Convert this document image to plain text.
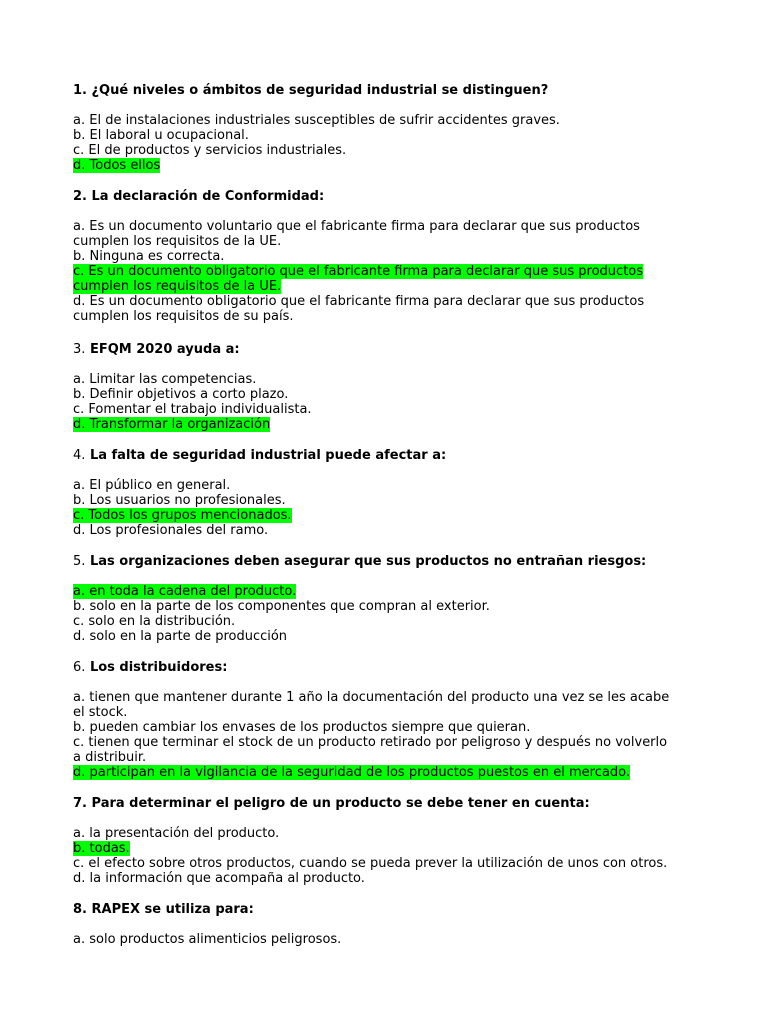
1. ¿Qué niveles o ámbitos de seguridad industrial se distinguen?
a. El de instalaciones industriales susceptibles de sufrir accidentes graves.
b. El laboral u ocupacional.
c. El de productos y servicios industriales.
d. Todos ellos
2. La declaración de Conformidad:
a. Es un documento voluntario que el fabricante firma para declarar que sus productos
cumplen los requisitos de la UE.
b. Ninguna es correcta.
c. Es un documento obligatorio que el fabricante firma para declarar que sus productos
cumplen los requisitos de la UE.
d. Es un documento obligatorio que el fabricante firma para declarar que sus productos
cumplen los requisitos de su país.
3. EFQM 2020 ayuda a:
a. Limitar las competencias.
b. Definir objetivos a corto plazo.
c. Fomentar el trabajo individualista.
d. Transformar la organización
4. La falta de seguridad industrial puede afectar a:
a. El público en general.
b. Los usuarios no profesionales.
c. Todos los grupos mencionados.
d. Los profesionales del ramo.
5. Las organizaciones deben asegurar que sus productos no entrañan riesgos:
a. en toda la cadena del producto.
b. solo en la parte de los componentes que compran al exterior.
c. solo en la distribución.
d. solo en la parte de producción
6. Los distribuidores:
a. tienen que mantener durante 1 año la documentación del producto una vez se les acabe
el stock.
b. pueden cambiar los envases de los productos siempre que quieran.
c. tienen que terminar el stock de un producto retirado por peligroso y después no volverlo
a distribuir.
d. participan en la vigilancia de la seguridad de los productos puestos en el mercado.
7. Para determinar el peligro de un producto se debe tener en cuenta:
a. la presentación del producto.
b. todas.
c. el efecto sobre otros productos, cuando se pueda prever la utilización de unos con otros.
d. la información que acompaña al producto.
8. RAPEX se utiliza para:
a. solo productos alimenticios peligrosos.
